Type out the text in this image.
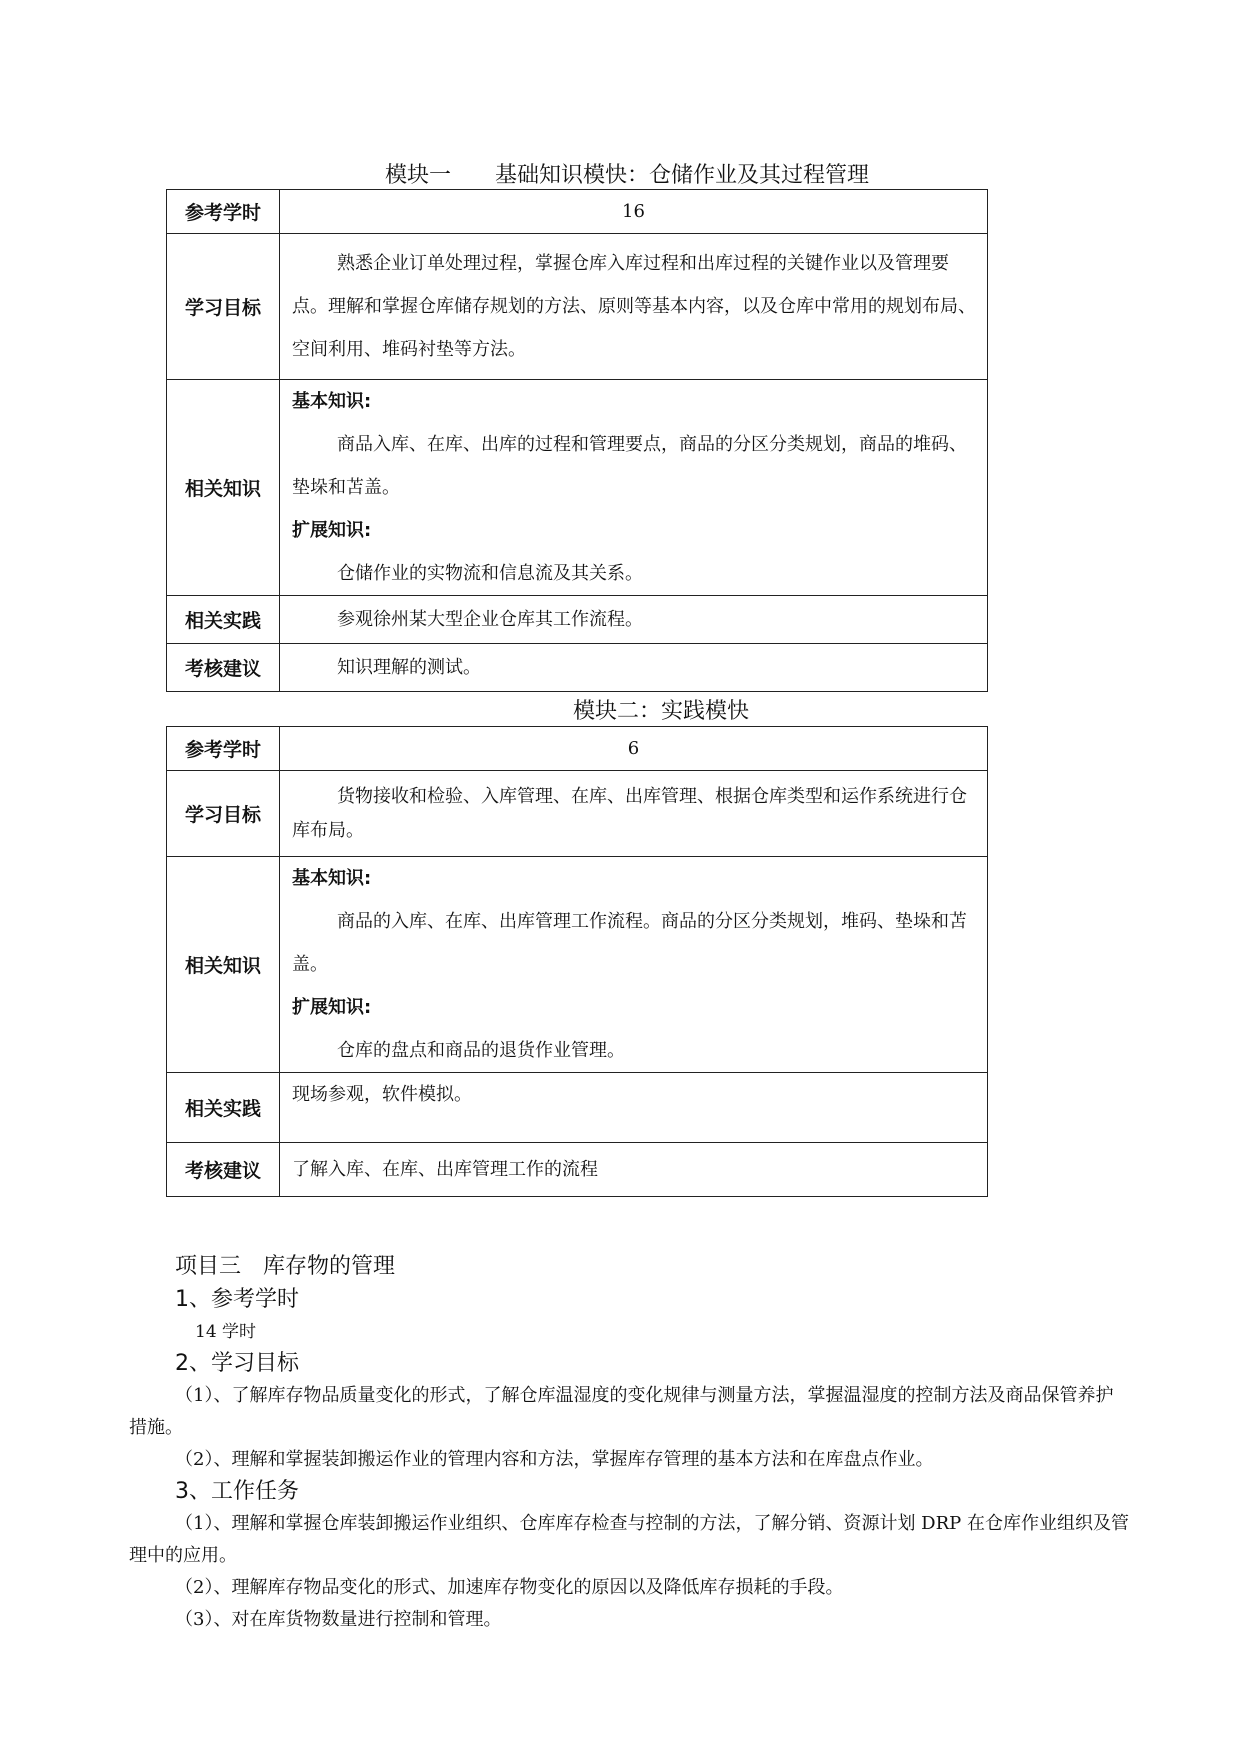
模块一　　基础知识模快：仓储作业及其过程管理
参考学时	16
学习目标	熟悉企业订单处理过程，掌握仓库入库过程和出库过程的关键作业以及管理要点。理解和掌握仓库储存规划的方法、原则等基本内容，以及仓库中常用的规划布局、空间利用、堆码衬垫等方法。

相关知识	基本知识:
商品入库、在库、出库的过程和管理要点，商品的分区分类规划，商品的堆码、垫垛和苫盖。
扩展知识:
仓储作业的实物流和信息流及其关系。

相关实践	参观徐州某大型企业仓库其工作流程。

考核建议	知识理解的测试。
模块二：实践模快
参考学时	6
学习目标	货物接收和检验、入库管理、在库、出库管理、根据仓库类型和运作系统进行仓库布局。

相关知识	基本知识:
商品的入库、在库、出库管理工作流程。商品的分区分类规划，堆码、垫垛和苫盖。
扩展知识:
仓库的盘点和商品的退货作业管理。

相关实践	现场参观，软件模拟。

考核建议	了解入库、在库、出库管理工作的流程
项目三　库存物的管理
1、参考学时
14 学时
2、学习目标
（1）、了解库存物品质量变化的形式，了解仓库温湿度的变化规律与测量方法，掌握温湿度的控制方法及商品保管养护措施。
（2）、理解和掌握装卸搬运作业的管理内容和方法，掌握库存管理的基本方法和在库盘点作业。
3、工作任务
（1）、理解和掌握仓库装卸搬运作业组织、仓库库存检查与控制的方法，了解分销、资源计划 DRP 在仓库作业组织及管理中的应用。
（2）、理解库存物品变化的形式、加速库存物变化的原因以及降低库存损耗的手段。
（3）、对在库货物数量进行控制和管理。
